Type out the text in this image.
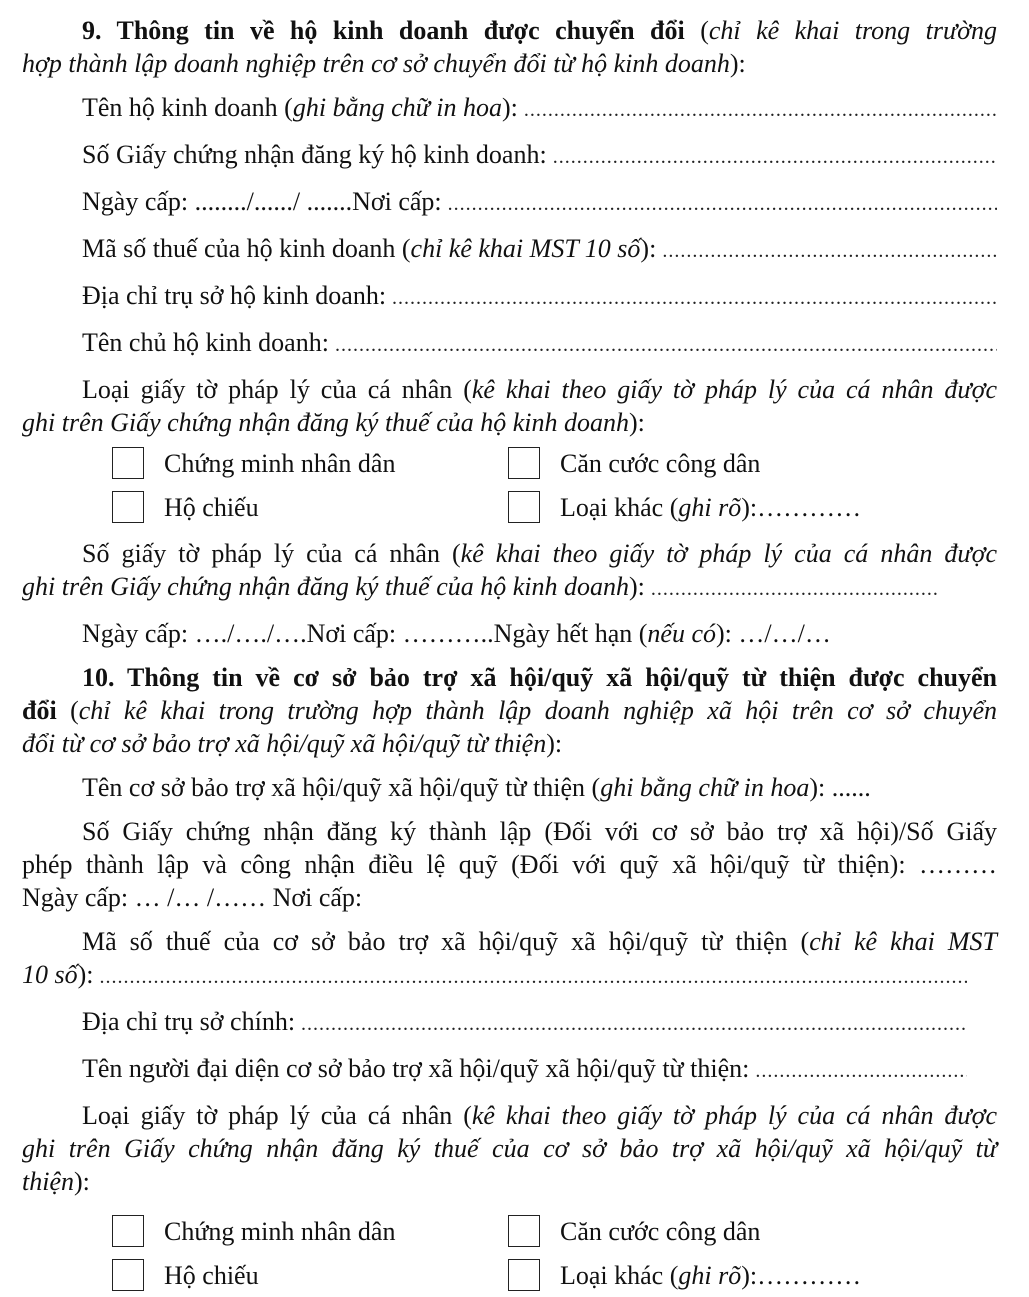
9. Thông tin về hộ kinh doanh được chuyển đổi (chỉ kê khai trong trường
hợp thành lập doanh nghiệp trên cơ sở chuyển đổi từ hộ kinh doanh):
Tên hộ kinh doanh ( ghi bằng chữ in hoa ):
.....
Số Giấy chứng nhận đăng ký hộ kinh doanh:
.....
Ngày cấp: ......../....../ .......Nơi cấp:
.....
Mã số thuế của hộ kinh doanh ( chỉ kê khai MST 10 số ):
.....
Địa chỉ trụ sở hộ kinh doanh:
.....
Tên chủ hộ kinh doanh:
.....
Loại giấy tờ pháp lý của cá nhân (kê khai theo giấy tờ pháp lý của cá nhân được
ghi trên Giấy chứng nhận đăng ký thuế của hộ kinh doanh):
Chứng minh nhân dân	Căn cước công dân
Hộ chiếu	Loại khác (ghi rõ):…………
Số giấy tờ pháp lý của cá nhân (kê khai theo giấy tờ pháp lý của cá nhân được
ghi trên Giấy chứng nhận đăng ký thuế của hộ kinh doanh ):
.....
Ngày cấp: …./…./….Nơi cấp: ………..Ngày hết hạn (nếu có): …/…/…
10. Thông tin về cơ sở bảo trợ xã hội/quỹ xã hội/quỹ từ thiện được chuyển
đổi (chỉ kê khai trong trường hợp thành lập doanh nghiệp xã hội trên cơ sở chuyển
đổi từ cơ sở bảo trợ xã hội/quỹ xã hội/quỹ từ thiện):
Tên cơ sở bảo trợ xã hội/quỹ xã hội/quỹ từ thiện (ghi bằng chữ in hoa): ......
Số Giấy chứng nhận đăng ký thành lập (Đối với cơ sở bảo trợ xã hội)/Số Giấy
phép thành lập và công nhận điều lệ quỹ (Đối với quỹ xã hội/quỹ từ thiện): ………
Ngày cấp: … /… /…… Nơi cấp:
Mã số thuế của cơ sở bảo trợ xã hội/quỹ xã hội/quỹ từ thiện (chỉ kê khai MST
10 số ):
.....
Địa chỉ trụ sở chính:
.....
Tên người đại diện cơ sở bảo trợ xã hội/quỹ xã hội/quỹ từ thiện:
.....
Loại giấy tờ pháp lý của cá nhân (kê khai theo giấy tờ pháp lý của cá nhân được
ghi trên Giấy chứng nhận đăng ký thuế của cơ sở bảo trợ xã hội/quỹ xã hội/quỹ từ
thiện):
Chứng minh nhân dân	Căn cước công dân
Hộ chiếu	Loại khác (ghi rõ):…………
